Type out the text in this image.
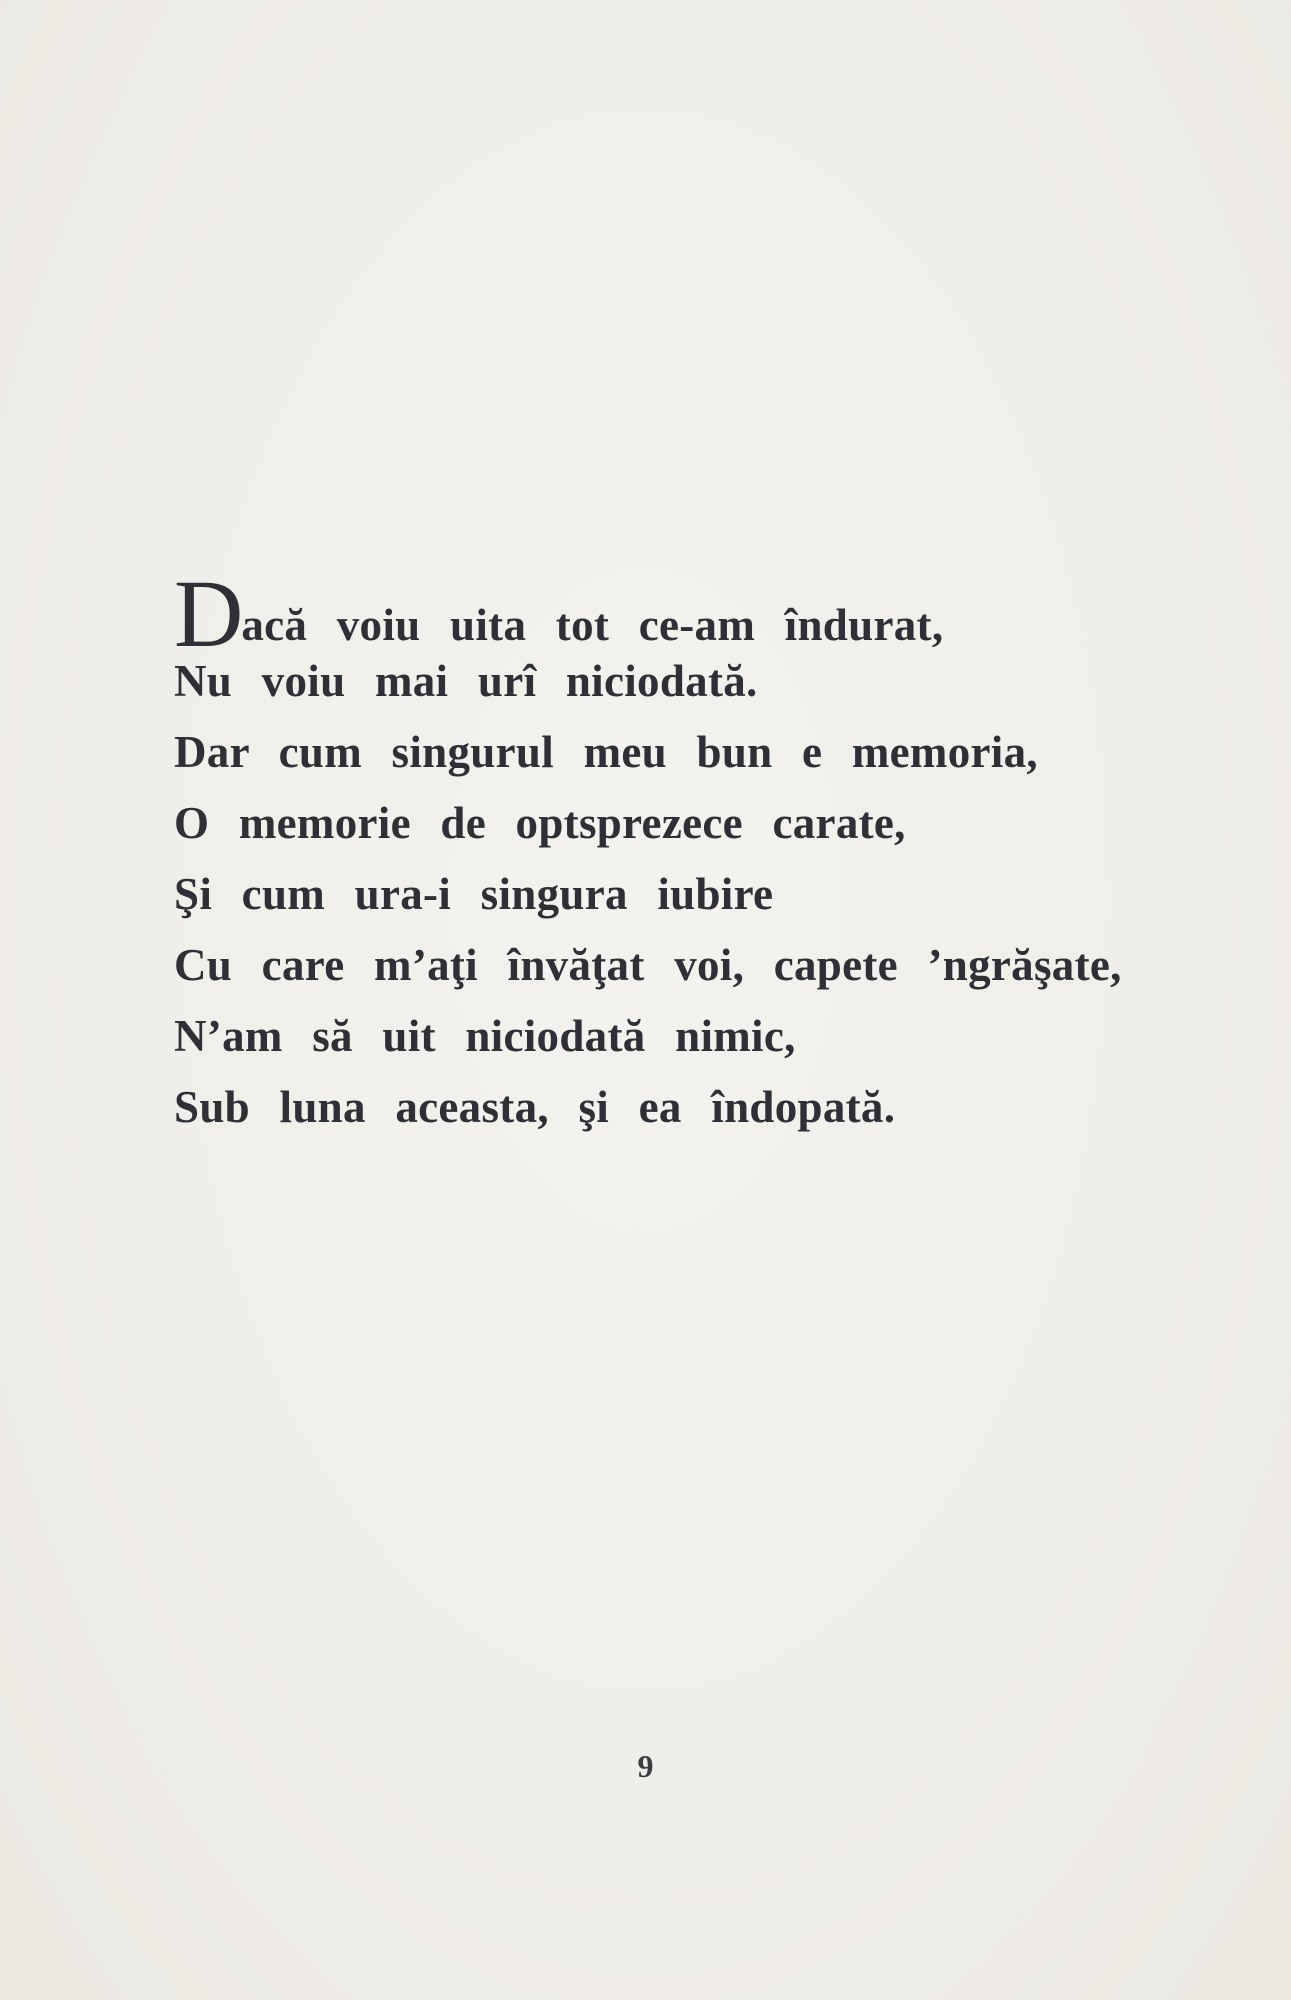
Dacă voiu uita tot ce-am îndurat,
Nu voiu mai urî niciodată.
Dar cum singurul meu bun e memoria,
O memorie de optsprezece carate,
Şi cum ura-i singura iubire
Cu care m’aţi învăţat voi, capete ’ngrăşate,
N’am să uit niciodată nimic,
Sub luna aceasta, şi ea îndopată.
9
